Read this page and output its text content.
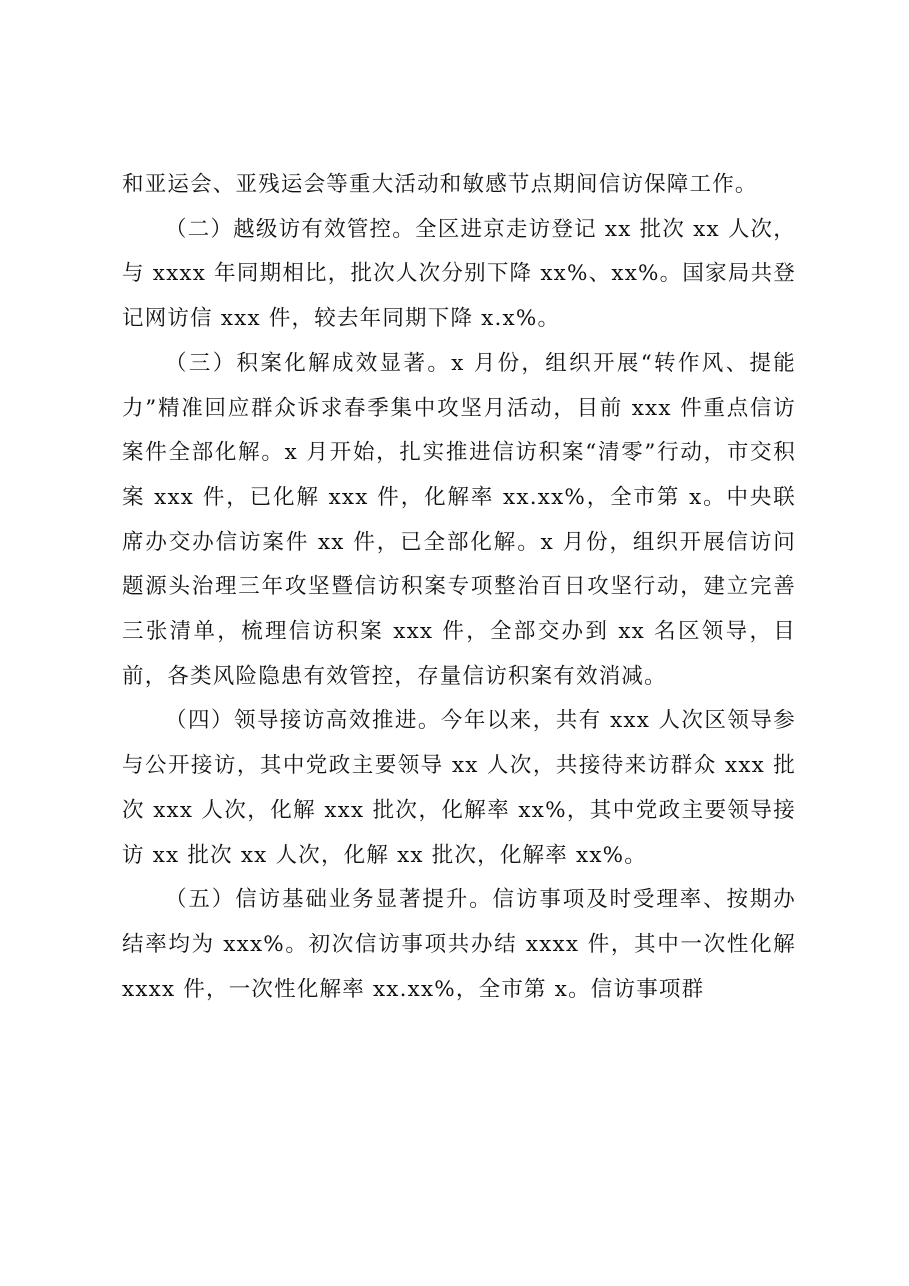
和亚运会、亚残运会等重大活动和敏感节点期间信访保障工作。

（二）越级访有效管控。全区进京走访登记 xx 批次 xx 人次，与 xxxx 年同期相比，批次人次分别下降 xx%、xx%。国家局共登记网访信 xxx 件，较去年同期下降 x.x%。

（三）积案化解成效显著。x 月份，组织开展“转作风、提能力”精准回应群众诉求春季集中攻坚月活动，目前 xxx 件重点信访案件全部化解。x 月开始，扎实推进信访积案“清零”行动，市交积案 xxx 件，已化解 xxx 件，化解率 xx.xx%，全市第 x。中央联席办交办信访案件 xx 件，已全部化解。x 月份，组织开展信访问题源头治理三年攻坚暨信访积案专项整治百日攻坚行动，建立完善三张清单，梳理信访积案 xxx 件，全部交办到 xx 名区领导，目前，各类风险隐患有效管控，存量信访积案有效消减。

（四）领导接访高效推进。今年以来，共有 xxx 人次区领导参与公开接访，其中党政主要领导 xx 人次，共接待来访群众 xxx 批次 xxx 人次，化解 xxx 批次，化解率 xx%，其中党政主要领导接访 xx 批次 xx 人次，化解 xx 批次，化解率 xx%。

（五）信访基础业务显著提升。信访事项及时受理率、按期办结率均为 xxx%。初次信访事项共办结 xxxx 件，其中一次性化解 xxxx 件，一次性化解率 xx.xx%，全市第 x。信访事项群
